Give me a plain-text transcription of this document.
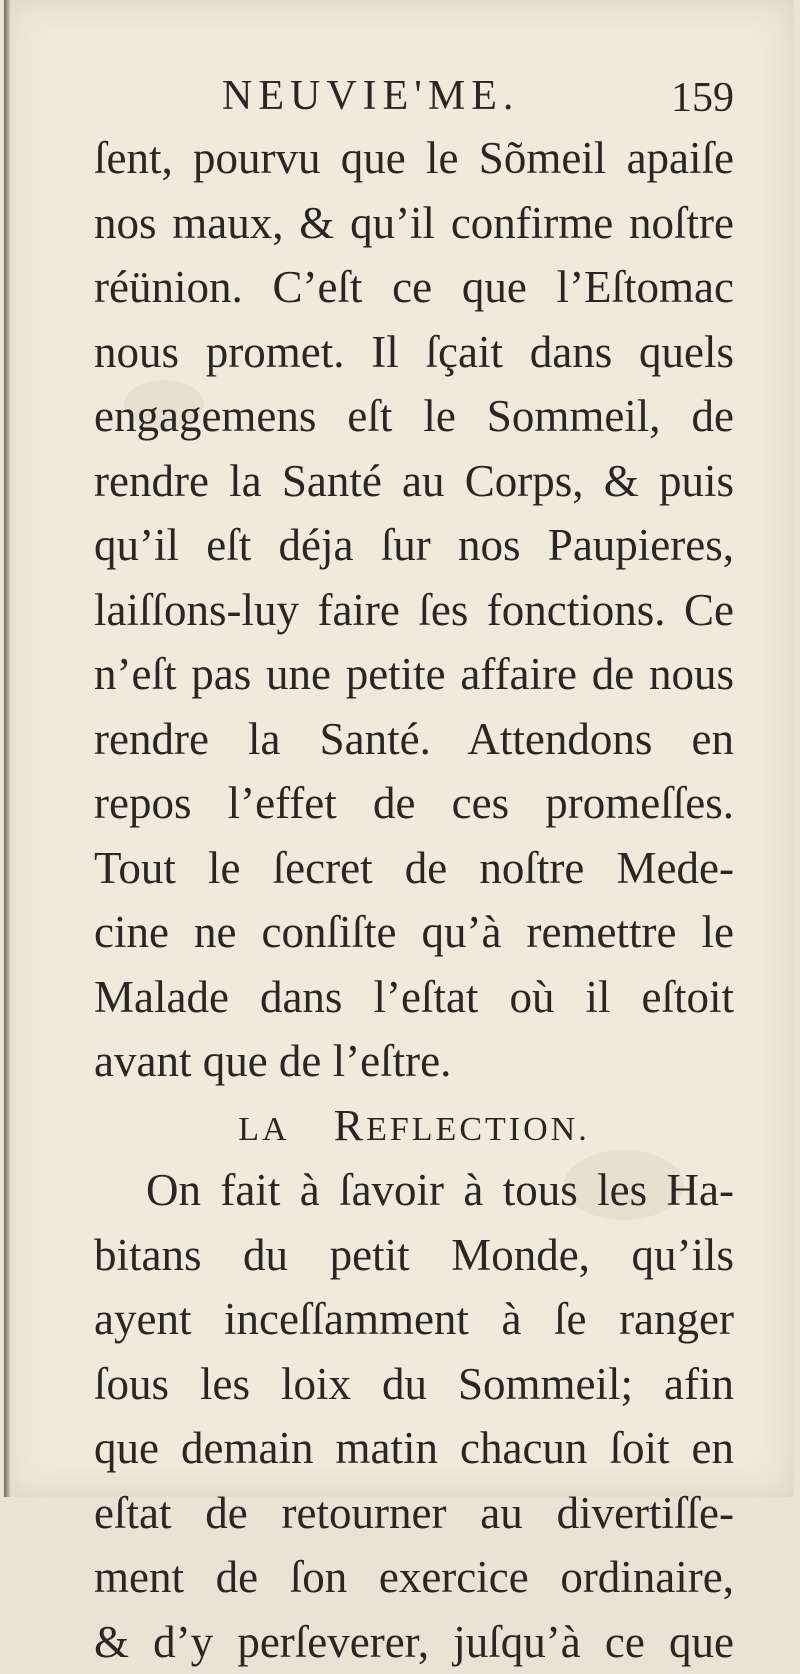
NEUVIE'ME.	159
ſent, pourvu que le Sõmeil apaiſe
nos maux, & qu’il confirme noſtre
réünion. C’eſt ce que l’Eſtomac
nous promet. Il ſçait dans quels
engagemens eſt le Sommeil, de
rendre la Santé au Corps, & puis
qu’il eſt déja ſur nos Paupieres,
laiſſons-luy faire ſes fonctions. Ce
n’eſt pas une petite affaire de nous
rendre la Santé. Attendons en
repos l’effet de ces promeſſes.
Tout le ſecret de noſtre Mede-
cine ne conſiſte qu’à remettre le
Malade dans l’eſtat où il eſtoit
avant que de l’eſtre.
LA REFLECTION.
On fait à ſavoir à tous les Ha-
bitans du petit Monde, qu’ils
ayent inceſſamment à ſe ranger
ſous les loix du Sommeil; afin
que demain matin chacun ſoit en
eſtat de retourner au divertiſſe-
ment de ſon exercice ordinaire,
& d’y perſeverer, juſqu’à ce que
